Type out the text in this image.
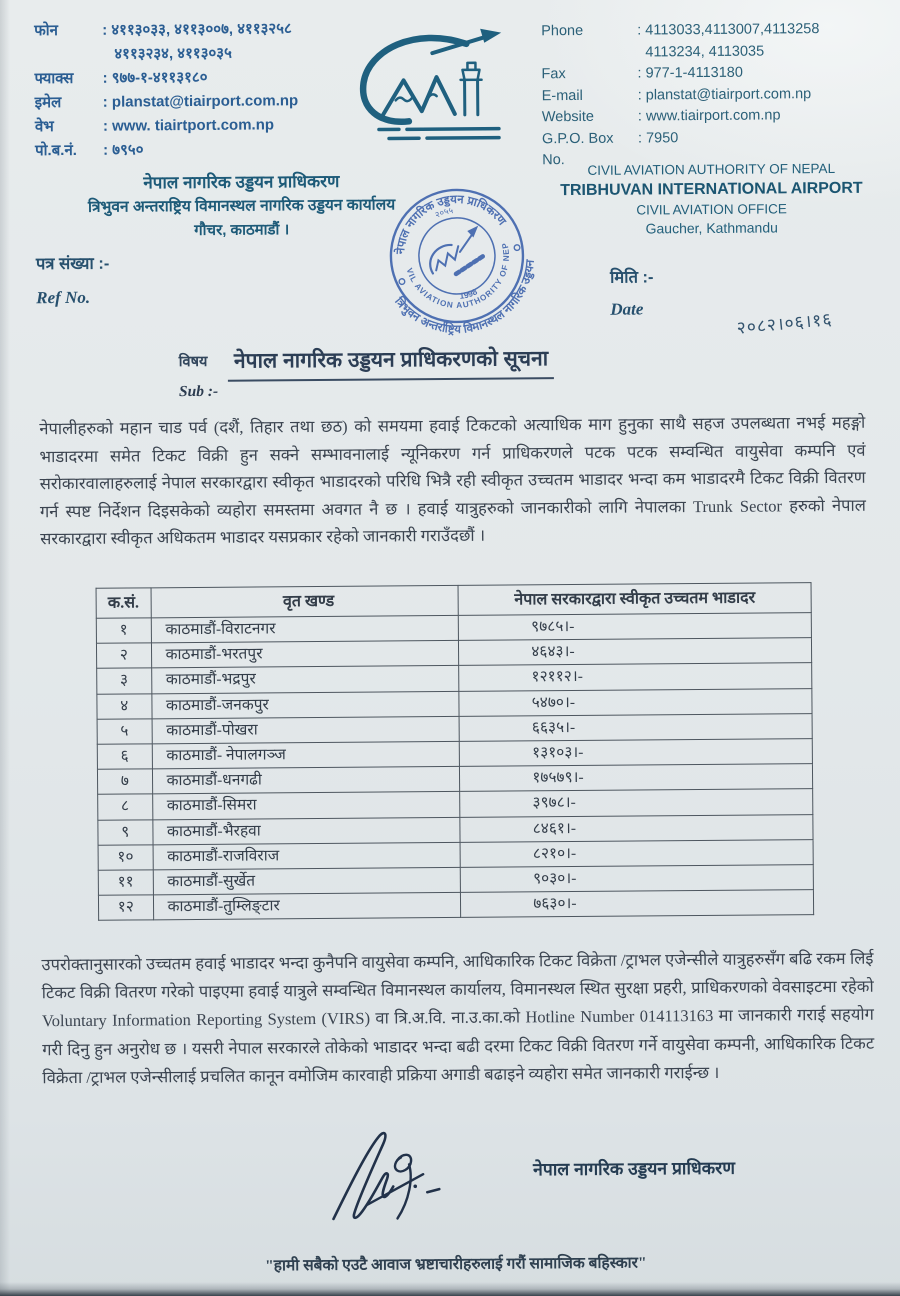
फोन	: ४११३०३३, ४११३००७, ४११३२५८
४११३२३४, ४११३०३५
फ्याक्स	: ९७७-१-४११३१८०
इमेल	: planstat@tiairport.com.np
वेभ	: www. tiairtport.com.np
पो.ब.नं.	: ७९५०
Phone	: 4113033,4113007,4113258
4113234, 4113035
Fax	: 977-1-4113180
E-mail	: planstat@tiairport.com.np
Website	: www.tiairport.com.np
G.P.O. Box No.
: 7950
नेपाल नागरिक उड्डयन प्राधिकरण
त्रिभुवन अन्तराष्ट्रिय विमानस्थल नागरिक उड्डयन कार्यालय
गौचर, काठमाडौं ।
CIVIL AVIATION AUTHORITY OF NEPAL
TRIBHUVAN INTERNATIONAL AIRPORT
CIVIL AVIATION OFFICE
Gaucher, Kathmandu
नेपाल नागरिक उड्डयन प्राधिकरण
२०५५
CIVIL AVIATION AUTHORITY OF NEPAL
1998
त्रिभुवन अन्तर्राष्ट्रिय विमानस्थल नागरिक उड्डयन
पत्र संख्या :-
Ref No.
मिति :-
Date	२०८२।०६।१६
विषय
Sub :-
नेपाल नागरिक उड्डयन प्राधिकरणको सूचना
नेपालीहरुको महान चाड पर्व (दशैं, तिहार तथा छठ) को समयमा हवाई टिकटको अत्याधिक माग हुनुका साथै सहज उपलब्धता नभई महङ्गो भाडादरमा समेत टिकट विक्री हुन सक्ने सम्भावनालाई न्यूनिकरण गर्न प्राधिकरणले पटक पटक सम्वन्धित वायुसेवा कम्पनि एवं सरोकारवालाहरुलाई नेपाल सरकारद्वारा स्वीकृत भाडादरको परिधि भित्रै रही स्वीकृत उच्चतम भाडादर भन्दा कम भाडादरमै टिकट विक्री वितरण गर्न स्पष्ट निर्देशन दिइसकेको व्यहोरा समस्तमा अवगत नै छ । हवाई यात्रुहरुको जानकारीको लागि नेपालका Trunk Sector हरुको नेपाल सरकारद्वारा स्वीकृत अधिकतम भाडादर यसप्रकार रहेको जानकारी गराउँदछौं ।
क.सं.	वृत खण्ड	नेपाल सरकारद्वारा स्वीकृत उच्चतम भाडादर
१	काठमाडौं-विराटनगर	९७८५।-
२	काठमाडौं-भरतपुर	४६४३।-
३	काठमाडौं-भद्रपुर	१२११२।-
४	काठमाडौं-जनकपुर	५४७०।-
५	काठमाडौं-पोखरा	६६३५।-
६	काठमाडौं- नेपालगञ्ज	१३१०३।-
७	काठमाडौं-धनगढी	१७५७९।-
८	काठमाडौं-सिमरा	३९७८।-
९	काठमाडौं-भैरहवा	८४६१।-
१०	काठमाडौं-राजविराज	८२१०।-
११	काठमाडौं-सुर्खेत	९०३०।-
१२	काठमाडौं-तुम्लिङ्टार	७६३०।-
उपरोक्तानुसारको उच्चतम हवाई भाडादर भन्दा कुनैपनि वायुसेवा कम्पनि, आधिकारिक टिकट विक्रेता /ट्राभल एजेन्सीले यात्रुहरुसँग बढि रकम लिई टिकट विक्री वितरण गरेको पाइएमा हवाई यात्रुले सम्वन्धित विमानस्थल कार्यालय, विमानस्थल स्थित सुरक्षा प्रहरी, प्राधिकरणको वेवसाइटमा रहेको Voluntary Information Reporting System (VIRS) वा त्रि.अ.वि. ना.उ.का.को Hotline Number 014113163 मा जानकारी गराई सहयोग गरी दिनु हुन अनुरोध छ । यसरी नेपाल सरकारले तोकेको भाडादर भन्दा बढी दरमा टिकट विक्री वितरण गर्ने वायुसेवा कम्पनी, आधिकारिक टिकट विक्रेता /ट्राभल एजेन्सीलाई प्रचलित कानून वमोजिम कारवाही प्रक्रिया अगाडी बढाइने व्यहोरा समेत जानकारी गराईन्छ ।
नेपाल नागरिक उड्डयन प्राधिकरण
"हामी सबैको एउटै आवाज भ्रष्टाचारीहरुलाई गरौं सामाजिक बहिस्कार"
